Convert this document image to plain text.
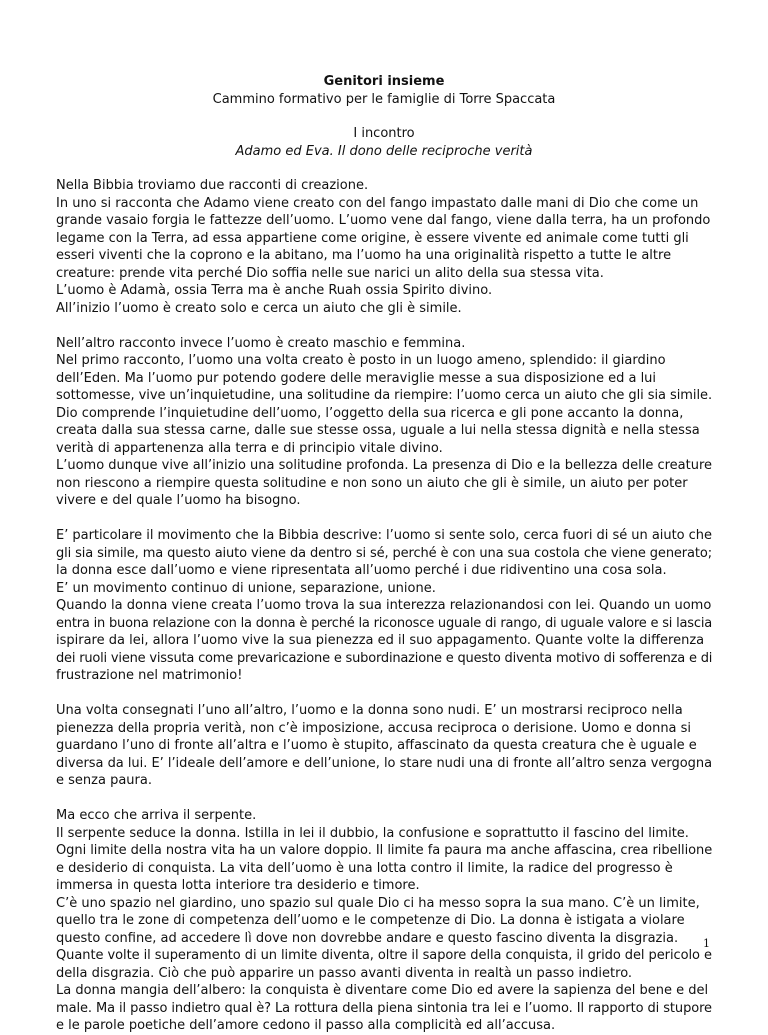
Genitori insieme
Cammino formativo per le famiglie di Torre Spaccata
I incontro
Adamo ed Eva. Il dono delle reciproche verità
Nella Bibbia troviamo due racconti di creazione.
In uno si racconta che Adamo viene creato con del fango impastato dalle mani di Dio che come un
grande vasaio forgia le fattezze dell’uomo. L’uomo vene dal fango, viene dalla terra, ha un profondo
legame con la Terra, ad essa appartiene come origine, è essere vivente ed animale come tutti gli
esseri viventi che la coprono e la abitano, ma l’uomo ha una originalità rispetto a tutte le altre
creature: prende vita perché Dio soffia nelle sue narici un alito della sua stessa vita.
L’uomo è Adamà, ossia Terra ma è anche Ruah ossia Spirito divino.
All’inizio l’uomo è creato solo e cerca un aiuto che gli è simile.
Nell’altro racconto invece l’uomo è creato maschio e femmina.
Nel primo racconto, l’uomo una volta creato è posto in un luogo ameno, splendido: il giardino
dell’Eden. Ma l’uomo pur potendo godere delle meraviglie messe a sua disposizione ed a lui
sottomesse, vive un’inquietudine, una solitudine da riempire: l’uomo cerca un aiuto che gli sia simile.
Dio comprende l’inquietudine dell’uomo, l’oggetto della sua ricerca e gli pone accanto la donna,
creata dalla sua stessa carne, dalle sue stesse ossa, uguale a lui nella stessa dignità e nella stessa
verità di appartenenza alla terra e di principio vitale divino.
L’uomo dunque vive all’inizio una solitudine profonda. La presenza di Dio e la bellezza delle creature
non riescono a riempire questa solitudine e non sono un aiuto che gli è simile, un aiuto per poter
vivere e del quale l’uomo ha bisogno.
E’ particolare il movimento che la Bibbia descrive: l’uomo si sente solo, cerca fuori di sé un aiuto che
gli sia simile, ma questo aiuto viene da dentro si sé, perché è con una sua costola che viene generato;
la donna esce dall’uomo e viene ripresentata all’uomo perché i due ridiventino una cosa sola.
E’ un movimento continuo di unione, separazione, unione.
Quando la donna viene creata l’uomo trova la sua interezza relazionandosi con lei. Quando un uomo
entra in buona relazione con la donna è perché la riconosce uguale di rango, di uguale valore e si lascia
ispirare da lei, allora l’uomo vive la sua pienezza ed il suo appagamento. Quante volte la differenza
dei ruoli viene vissuta come prevaricazione e subordinazione e questo diventa motivo di sofferenza e di
frustrazione nel matrimonio!
Una volta consegnati l’uno all’altro, l’uomo e la donna sono nudi. E’ un mostrarsi reciproco nella
pienezza della propria verità, non c’è imposizione, accusa reciproca o derisione. Uomo e donna si
guardano l’uno di fronte all’altra e l’uomo è stupito, affascinato da questa creatura che è uguale e
diversa da lui. E’ l’ideale dell’amore e dell’unione, lo stare nudi una di fronte all’altro senza vergogna
e senza paura.
Ma ecco che arriva il serpente.
Il serpente seduce la donna. Istilla in lei il dubbio, la confusione e soprattutto il fascino del limite.
Ogni limite della nostra vita ha un valore doppio. Il limite fa paura ma anche affascina, crea ribellione
e desiderio di conquista. La vita dell’uomo è una lotta contro il limite, la radice del progresso è
immersa in questa lotta interiore tra desiderio e timore.
C’è uno spazio nel giardino, uno spazio sul quale Dio ci ha messo sopra la sua mano. C’è un limite,
quello tra le zone di competenza dell’uomo e le competenze di Dio. La donna è istigata a violare
questo confine, ad accedere lì dove non dovrebbe andare e questo fascino diventa la disgrazia.
Quante volte il superamento di un limite diventa, oltre il sapore della conquista, il grido del pericolo e
della disgrazia. Ciò che può apparire un passo avanti diventa in realtà un passo indietro.
La donna mangia dell’albero: la conquista è diventare come Dio ed avere la sapienza del bene e del
male. Ma il passo indietro qual è? La rottura della piena sintonia tra lei e l’uomo. Il rapporto di stupore
e le parole poetiche dell’amore cedono il passo alla complicità ed all’accusa.
1
